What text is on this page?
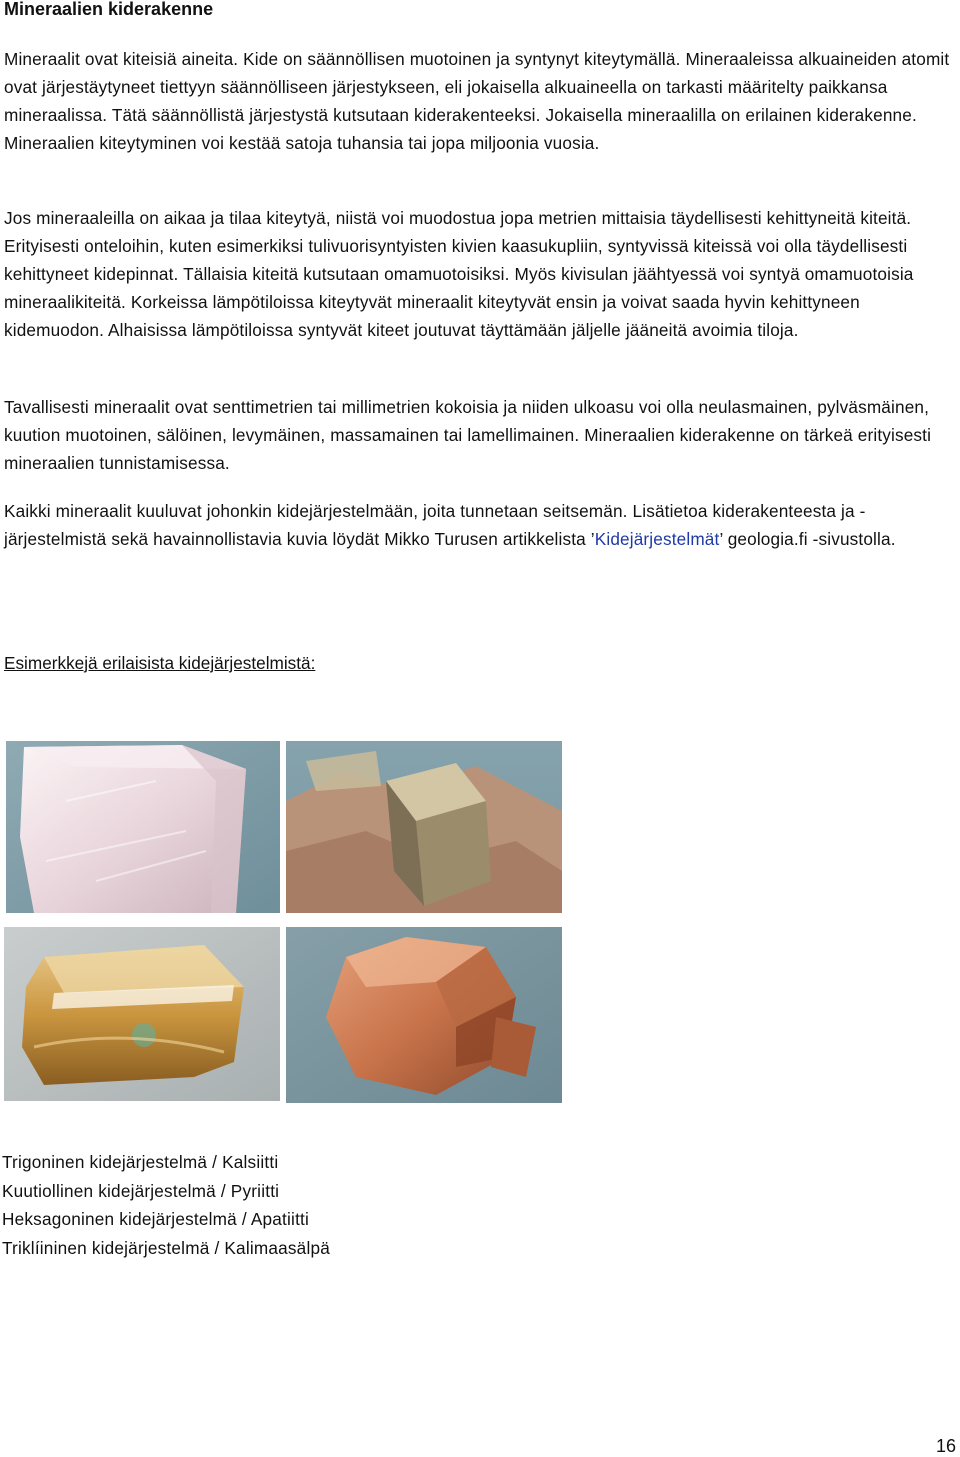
Mineraalien kiderakenne

Mineraalit ovat kiteisiä aineita. Kide on säännöllisen muotoinen ja syntynyt kiteytymällä. Mineraaleissa alkuaineiden atomit ovat järjestäytyneet tiettyyn säännölliseen järjestykseen, eli jokaisella alkuaineella on tarkasti määritelty paikkansa mineraalissa. Tätä säännöllistä järjestystä kutsutaan kiderakenteeksi. Jokaisella mineraalilla on erilainen kiderakenne. Mineraalien kiteytyminen voi kestää satoja tuhansia tai jopa miljoonia vuosia.

Jos mineraaleilla on aikaa ja tilaa kiteytyä, niistä voi muodostua jopa metrien mittaisia täydellisesti kehittyneitä kiteitä. Erityisesti onteloihin, kuten esimerkiksi tulivuorisyntyisten kivien kaasukupliin, syntyvissä kiteissä voi olla täydellisesti kehittyneet kidepinnat. Tällaisia kiteitä kutsutaan omamuotoisiksi. Myös kivisulan jäähtyessä voi syntyä omamuotoisia mineraalikiteitä. Korkeissa lämpötiloissa kiteytyvät mineraalit kiteytyvät ensin ja voivat saada hyvin kehittyneen kidemuodon. Alhaisissa lämpötiloissa syntyvät kiteet joutuvat täyttämään jäljelle jääneitä avoimia tiloja.

Tavallisesti mineraalit ovat senttimetrien tai millimetrien kokoisia ja niiden ulkoasu voi olla neulasmainen, pylväsmäinen, kuution muotoinen, sälöinen, levymäinen, massamainen tai lamellimainen. Mineraalien kiderakenne on tärkeä erityisesti mineraalien tunnistamisessa.

Kaikki mineraalit kuuluvat johonkin kidejärjestelmään, joita tunnetaan seitsemän. Lisätietoa kiderakenteesta ja -järjestelmistä sekä havainnollistavia kuvia löydät Mikko Turusen artikkelista ’Kidejärjestelmät’ geologia.fi -sivustolla.

Esimerkkejä erilaisista kidejärjestelmistä:

Trigoninen kidejärjestelmä / Kalsiitti
Kuutiollinen kidejärjestelmä / Pyriitti
Heksagoninen kidejärjestelmä / Apatiitti
Triklíininen kidejärjestelmä / Kalimaasälpä
16
